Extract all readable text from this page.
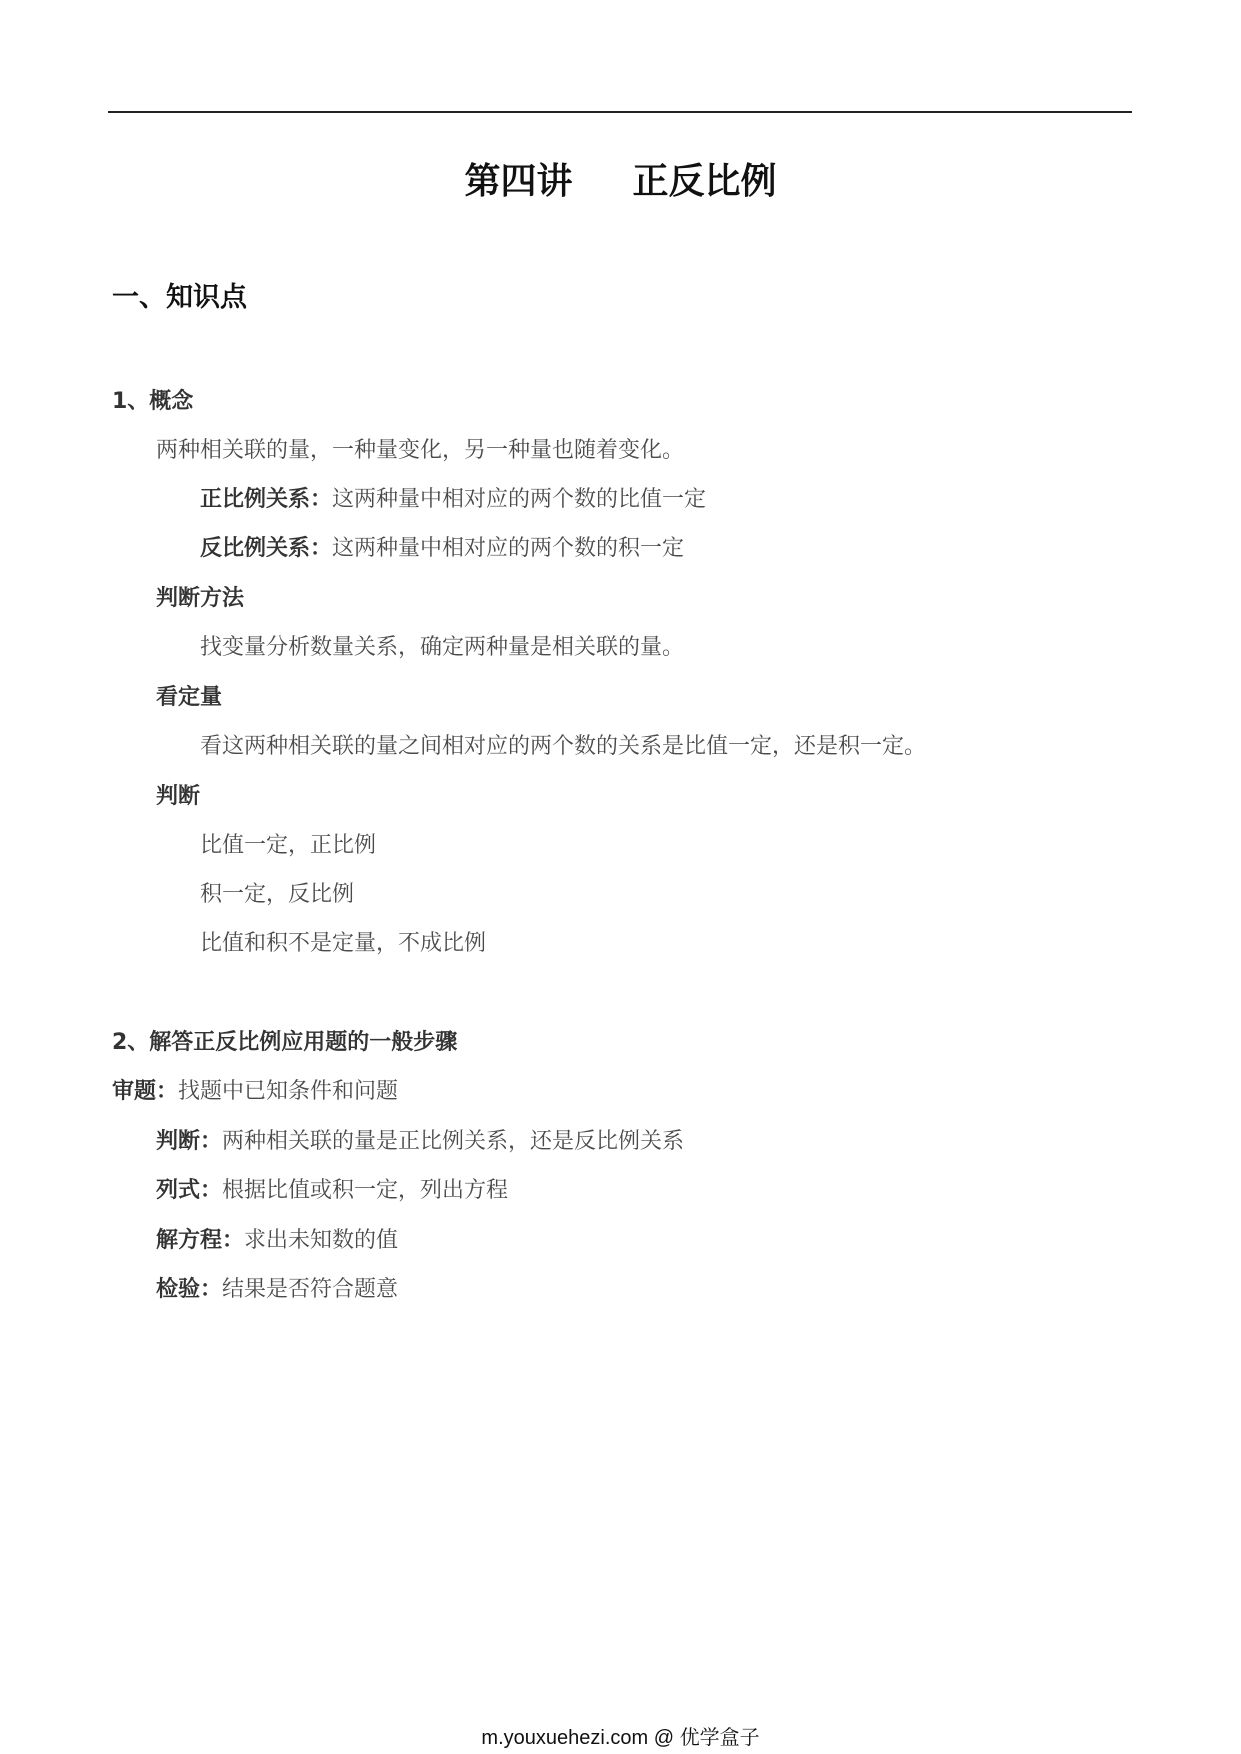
第四讲 正反比例
一、知识点
1、概念
两种相关联的量，一种量变化，另一种量也随着变化。
正比例关系：这两种量中相对应的两个数的比值一定
反比例关系：这两种量中相对应的两个数的积一定
判断方法
找变量分析数量关系，确定两种量是相关联的量。
看定量
看这两种相关联的量之间相对应的两个数的关系是比值一定，还是积一定。
判断
比值一定，正比例
积一定，反比例
比值和积不是定量，不成比例
2、解答正反比例应用题的一般步骤
审题：找题中已知条件和问题
判断：两种相关联的量是正比例关系，还是反比例关系
列式：根据比值或积一定，列出方程
解方程：求出未知数的值
检验：结果是否符合题意
m.youxuehezi.com @ 优学盒子
